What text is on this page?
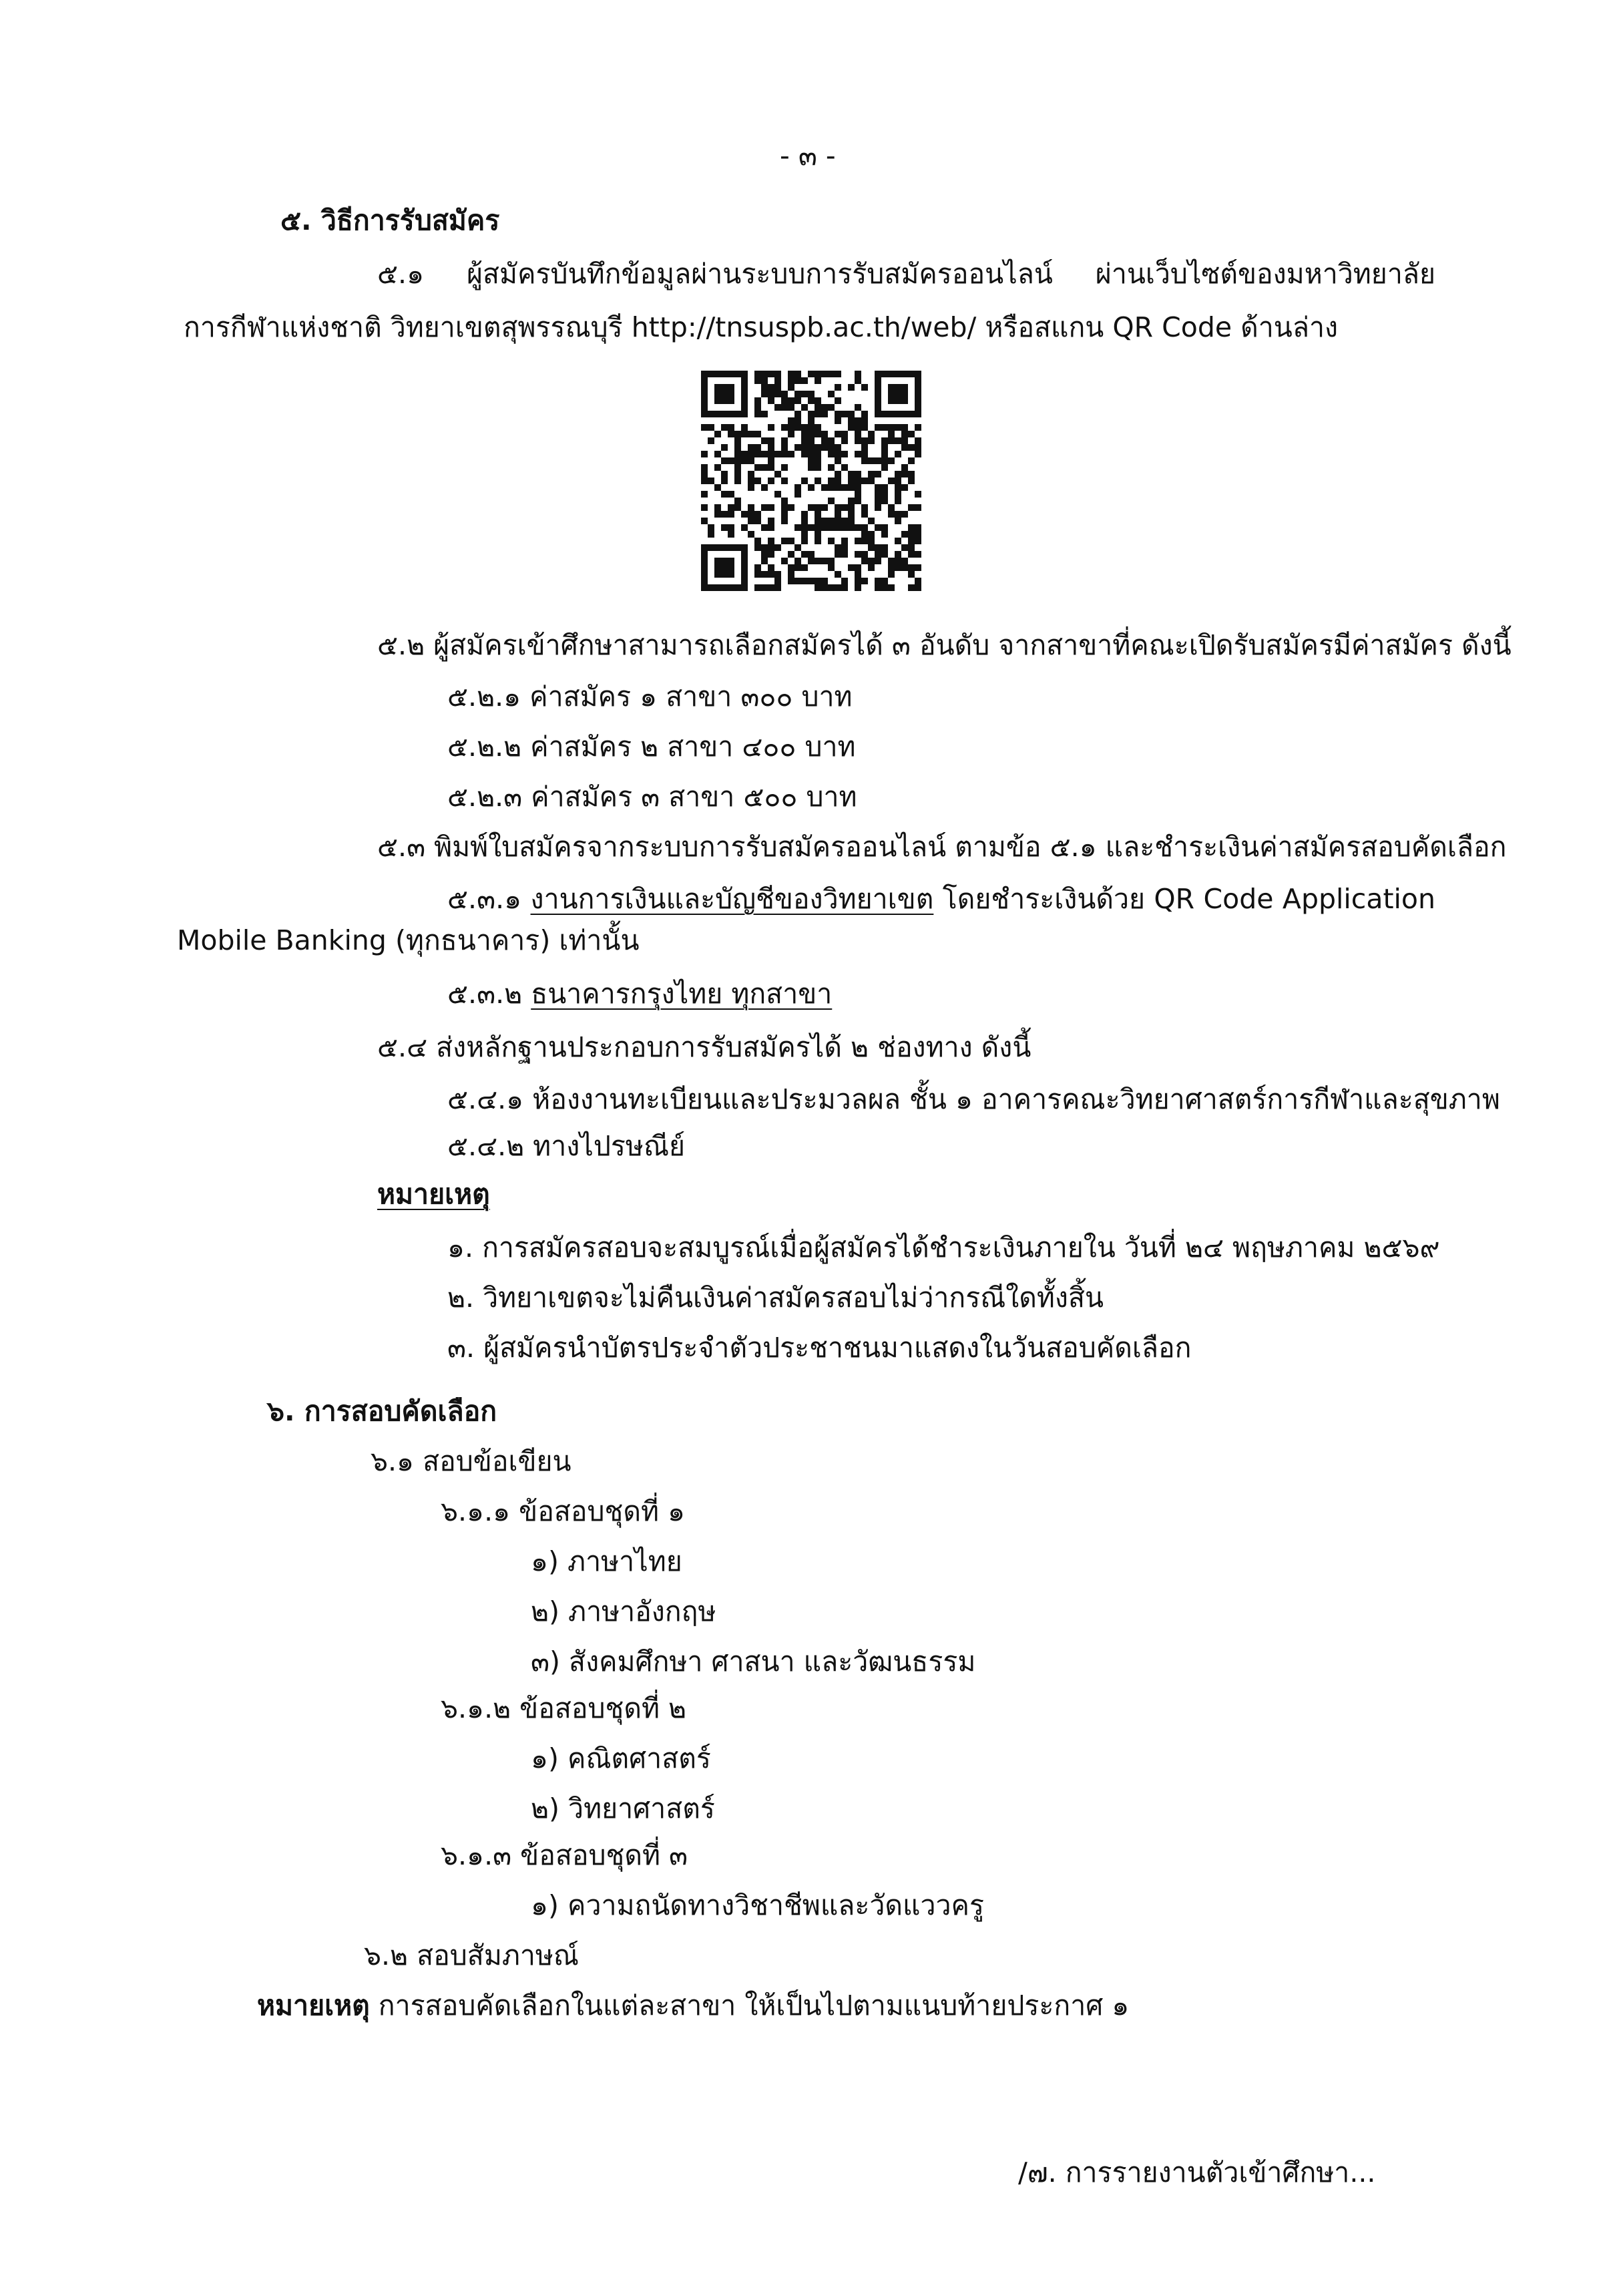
- ๓ -
๕. วิธีการรับสมัคร
๕.๑ ผู้สมัครบันทึกข้อมูลผ่านระบบการรับสมัครออนไลน์ ผ่านเว็บไซต์ของมหาวิทยาลัย
การกีฬาแห่งชาติ วิทยาเขตสุพรรณบุรี http://tnsuspb.ac.th/web/ หรือสแกน QR Code ด้านล่าง
๕.๒ ผู้สมัครเข้าศึกษาสามารถเลือกสมัครได้ ๓ อันดับ จากสาขาที่คณะเปิดรับสมัครมีค่าสมัคร ดังนี้
๕.๒.๑ ค่าสมัคร ๑ สาขา ๓๐๐ บาท
๕.๒.๒ ค่าสมัคร ๒ สาขา ๔๐๐ บาท
๕.๒.๓ ค่าสมัคร ๓ สาขา ๕๐๐ บาท
๕.๓ พิมพ์ใบสมัครจากระบบการรับสมัครออนไลน์ ตามข้อ ๕.๑ และชำระเงินค่าสมัครสอบคัดเลือก
๕.๓.๑ งานการเงินและบัญชีของวิทยาเขต โดยชำระเงินด้วย QR Code Application
Mobile Banking (ทุกธนาคาร) เท่านั้น
๕.๓.๒ ธนาคารกรุงไทย ทุกสาขา
๕.๔ ส่งหลักฐานประกอบการรับสมัครได้ ๒ ช่องทาง ดังนี้
๕.๔.๑ ห้องงานทะเบียนและประมวลผล ชั้น ๑ อาคารคณะวิทยาศาสตร์การกีฬาและสุขภาพ
๕.๔.๒ ทางไปรษณีย์
หมายเหตุ
๑. การสมัครสอบจะสมบูรณ์เมื่อผู้สมัครได้ชำระเงินภายใน วันที่ ๒๔ พฤษภาคม ๒๕๖๙
๒. วิทยาเขตจะไม่คืนเงินค่าสมัครสอบไม่ว่ากรณีใดทั้งสิ้น
๓. ผู้สมัครนำบัตรประจำตัวประชาชนมาแสดงในวันสอบคัดเลือก
๖. การสอบคัดเลือก
๖.๑ สอบข้อเขียน
๖.๑.๑ ข้อสอบชุดที่ ๑
๑) ภาษาไทย
๒) ภาษาอังกฤษ
๓) สังคมศึกษา ศาสนา และวัฒนธรรม
๖.๑.๒ ข้อสอบชุดที่ ๒
๑) คณิตศาสตร์
๒) วิทยาศาสตร์
๖.๑.๓ ข้อสอบชุดที่ ๓
๑) ความถนัดทางวิชาชีพและวัดแววครู
๖.๒ สอบสัมภาษณ์
หมายเหตุ การสอบคัดเลือกในแต่ละสาขา ให้เป็นไปตามแนบท้ายประกาศ ๑
/๗. การรายงานตัวเข้าศึกษา...
